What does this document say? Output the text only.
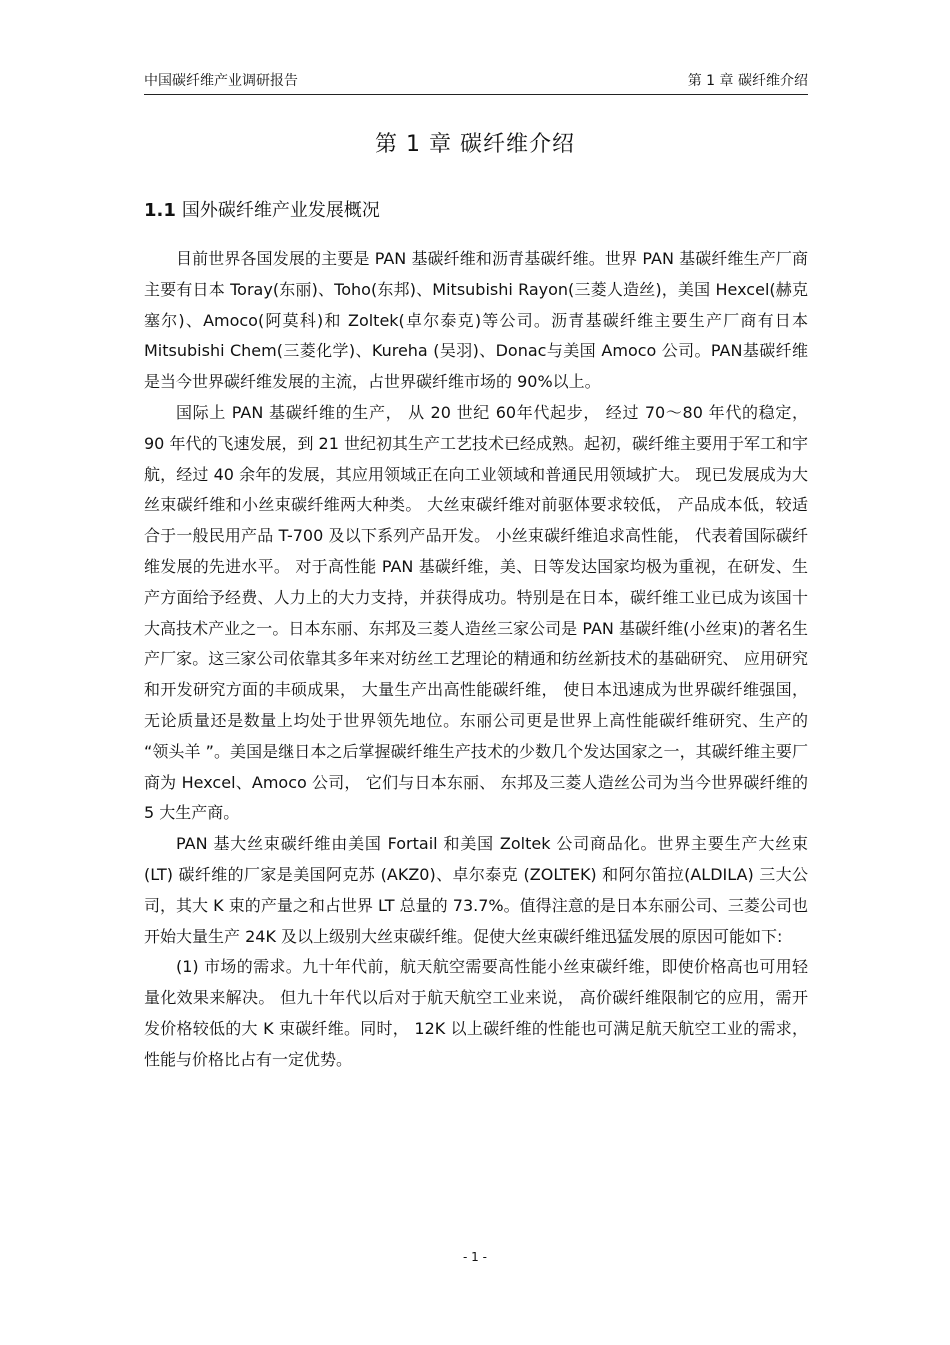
中国碳纤维产业调研报告	第 1 章 碳纤维介绍
第 1 章 碳纤维介绍
1.1 国外碳纤维产业发展概况

目前世界各国发展的主要是 PAN 基碳纤维和沥青基碳纤维。世界 PAN 基碳纤维生产厂商主要有日本 Toray(东丽)、Toho(东邦)、Mitsubishi Rayon(三菱人造丝)，美国 Hexcel(赫克塞尔)、Amoco(阿莫科)和 Zoltek(卓尔泰克)等公司。沥青基碳纤维主要生产厂商有日本 Mitsubishi Chem(三菱化学)、Kureha (吴羽)、Donac与美国 Amoco 公司。PAN基碳纤维是当今世界碳纤维发展的主流，占世界碳纤维市场的 90%以上。

国际上 PAN 基碳纤维的生产， 从 20 世纪 60年代起步， 经过 70～80 年代的稳定， 90 年代的飞速发展，到 21 世纪初其生产工艺技术已经成熟。起初，碳纤维主要用于军工和宇航，经过 40 余年的发展，其应用领域正在向工业领域和普通民用领域扩大。 现已发展成为大丝束碳纤维和小丝束碳纤维两大种类。 大丝束碳纤维对前驱体要求较低， 产品成本低，较适合于一般民用产品 T-700 及以下系列产品开发。 小丝束碳纤维追求高性能， 代表着国际碳纤维发展的先进水平。 对于高性能 PAN 基碳纤维，美、日等发达国家均极为重视，在研发、生产方面给予经费、人力上的大力支持，并获得成功。特别是在日本，碳纤维工业已成为该国十大高技术产业之一。日本东丽、东邦及三菱人造丝三家公司是 PAN 基碳纤维(小丝束)的著名生产厂家。这三家公司依靠其多年来对纺丝工艺理论的精通和纺丝新技术的基础研究、 应用研究和开发研究方面的丰硕成果， 大量生产出高性能碳纤维， 使日本迅速成为世界碳纤维强国， 无论质量还是数量上均处于世界领先地位。东丽公司更是世界上高性能碳纤维研究、生产的 “领头羊 ”。美国是继日本之后掌握碳纤维生产技术的少数几个发达国家之一，其碳纤维主要厂商为 Hexcel、Amoco 公司， 它们与日本东丽、 东邦及三菱人造丝公司为当今世界碳纤维的 5 大生产商。

PAN 基大丝束碳纤维由美国 Fortail 和美国 Zoltek 公司商品化。世界主要生产大丝束 (LT) 碳纤维的厂家是美国阿克苏 (AKZ0)、卓尔泰克 (ZOLTEK) 和阿尔笛拉(ALDILA) 三大公司，其大 K 束的产量之和占世界 LT 总量的 73.7%。值得注意的是日本东丽公司、三菱公司也开始大量生产 24K 及以上级别大丝束碳纤维。促使大丝束碳纤维迅猛发展的原因可能如下:

(1) 市场的需求。九十年代前，航天航空需要高性能小丝束碳纤维，即使价格高也可用轻量化效果来解决。 但九十年代以后对于航天航空工业来说， 高价碳纤维限制它的应用，需开发价格较低的大 K 束碳纤维。同时， 12K 以上碳纤维的性能也可满足航天航空工业的需求，性能与价格比占有一定优势。

- 1 -
